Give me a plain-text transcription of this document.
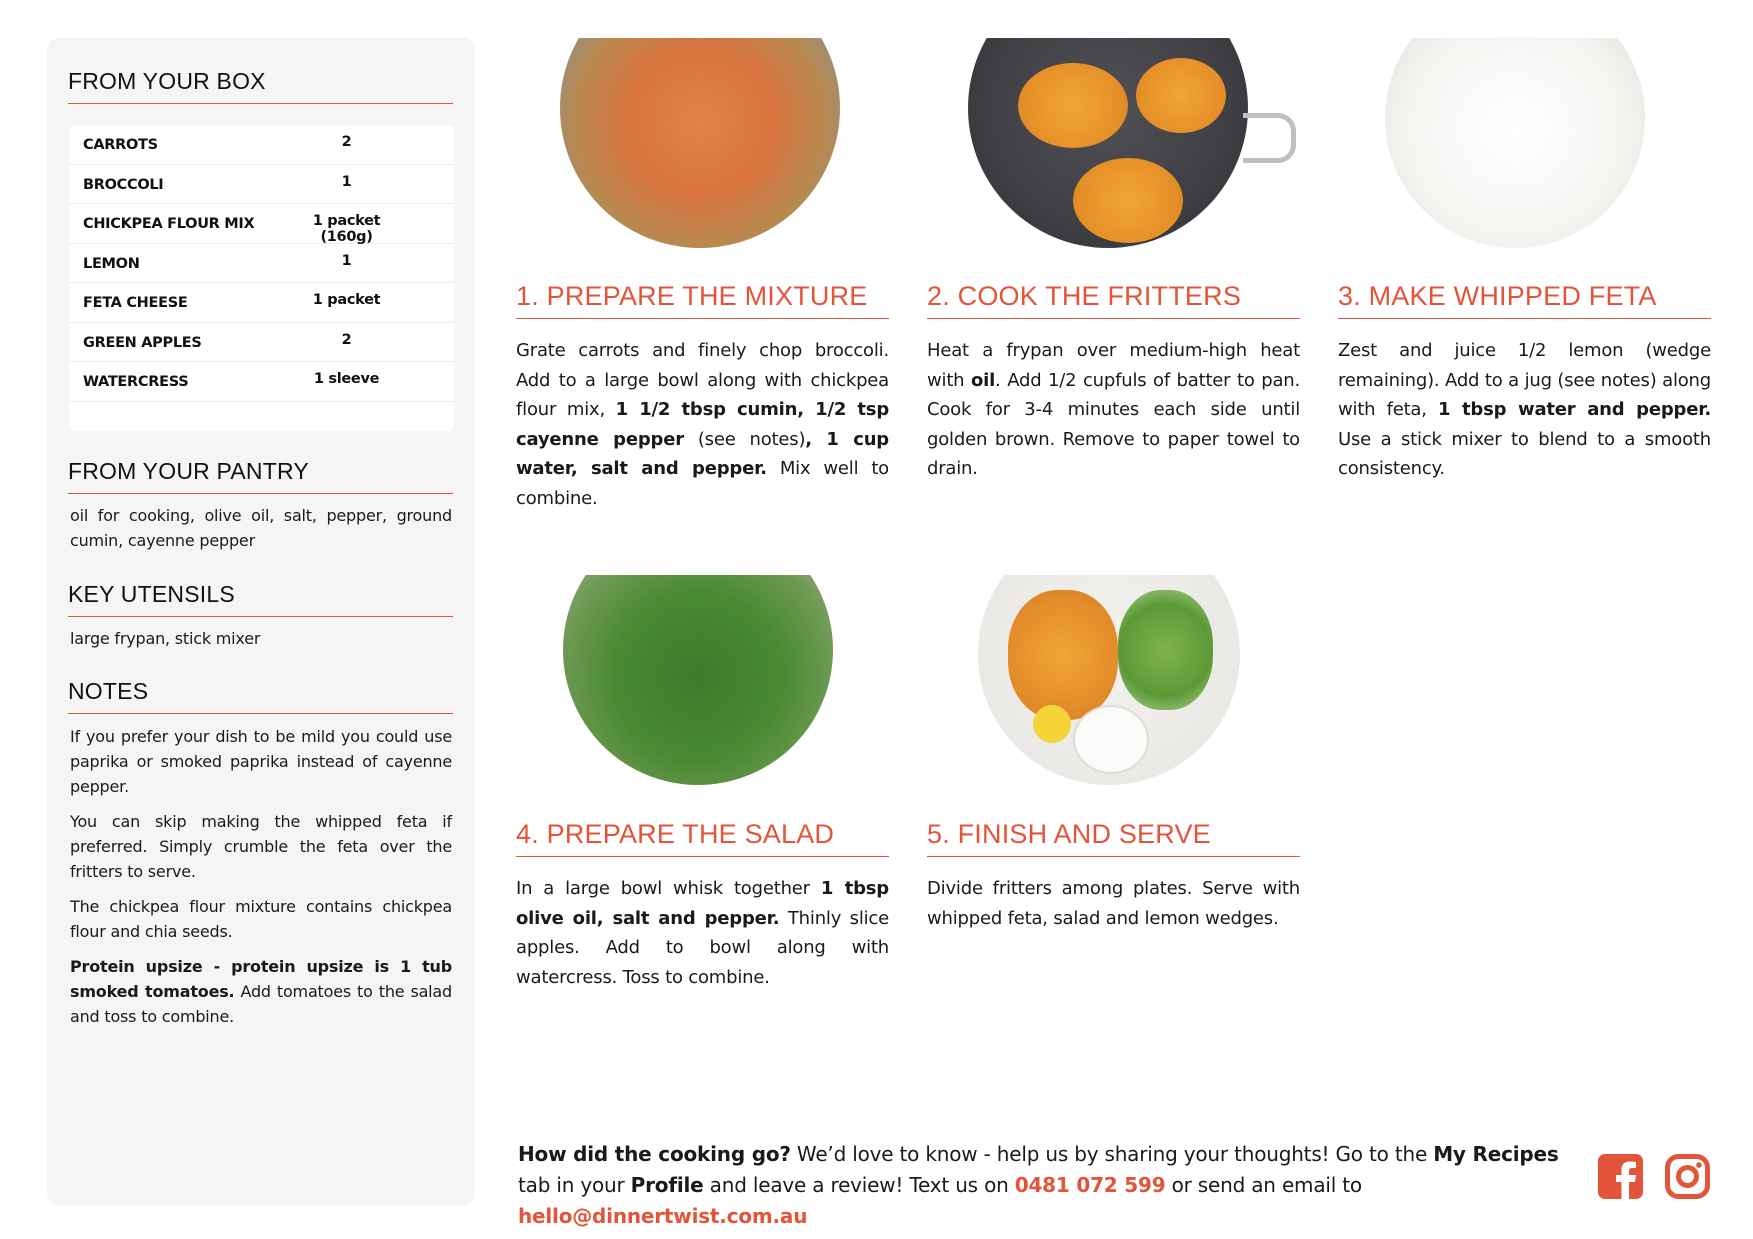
FROM YOUR BOX
CARROTS	2
BROCCOLI	1
CHICKPEA FLOUR MIX	1 packet (160g)
LEMON	1
FETA CHEESE	1 packet
GREEN APPLES	2
WATERCRESS	1 sleeve
FROM YOUR PANTRY
oil for cooking, olive oil, salt, pepper, ground cumin, cayenne pepper
KEY UTENSILS
large frypan, stick mixer
NOTES

If you prefer your dish to be mild you could use paprika or smoked paprika instead of cayenne pepper.

You can skip making the whipped feta if preferred. Simply crumble the feta over the fritters to serve.

The chickpea flour mixture contains chickpea flour and chia seeds.

Protein upsize - protein upsize is 1 tub smoked tomatoes. Add tomatoes to the salad and toss to combine.

1. PREPARE THE MIXTURE
Grate carrots and finely chop broccoli. Add to a large bowl along with chickpea flour mix, 1 1/2 tbsp cumin, 1/2 tsp cayenne pepper (see notes), 1 cup water, salt and pepper. Mix well to combine.
2. COOK THE FRITTERS
Heat a frypan over medium-high heat with oil. Add 1/2 cupfuls of batter to pan. Cook for 3-4 minutes each side until golden brown. Remove to paper towel to drain.
3. MAKE WHIPPED FETA
Zest and juice 1/2 lemon (wedge remaining). Add to a jug (see notes) along with feta, 1 tbsp water and pepper. Use a stick mixer to blend to a smooth consistency.
4. PREPARE THE SALAD
In a large bowl whisk together 1 tbsp olive oil, salt and pepper. Thinly slice apples. Add to bowl along with watercress. Toss to combine.
5. FINISH AND SERVE
Divide fritters among plates. Serve with whipped feta, salad and lemon wedges.
How did the cooking go? We’d love to know - help us by sharing your thoughts! Go to the My Recipes tab in your Profile and leave a review! Text us on 0481 072 599 or send an email to hello@dinnertwist.com.au
